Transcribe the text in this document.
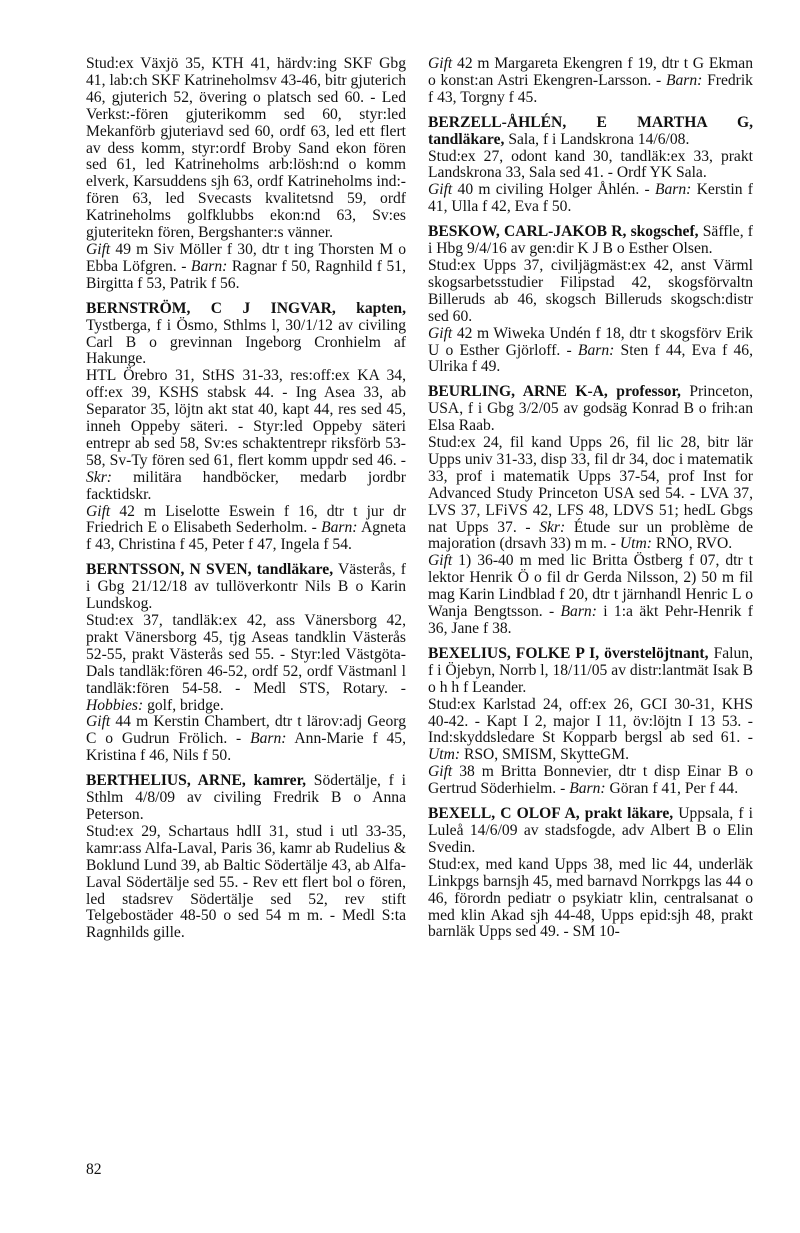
Stud:ex Växjö 35, KTH 41, härdv:ing SKF Gbg 41, lab:ch SKF Katrineholmsv 43-46, bitr gjuterich 46, gjuterich 52, övering o platsch sed 60. - Led Verkst:-fören gjuterikomm sed 60, styr:led Mekanförb gjuteriavd sed 60, ordf 63, led ett flert av dess komm, styr:ordf Broby Sand ekon fören sed 61, led Katrineholms arb:lösh:nd o komm elverk, Karsuddens sjh 63, ordf Katrineholms ind:-fören 63, led Svecasts kvalitetsnd 59, ordf Katrineholms golfklubbs ekon:nd 63, Sv:es gjuteritekn fören, Bergshanter:s vänner.

Gift 49 m Siv Möller f 30, dtr t ing Thorsten M o Ebba Löfgren. - Barn: Ragnar f 50, Ragnhild f 51, Birgitta f 53, Patrik f 56.

BERNSTRÖM, C J INGVAR, kapten, Tystberga, f i Ösmo, Sthlms l, 30/1/12 av civiling Carl B o grevinnan Ingeborg Cronhielm af Hakunge.

HTL Örebro 31, StHS 31-33, res:off:ex KA 34, off:ex 39, KSHS stabsk 44. - Ing Asea 33, ab Separator 35, löjtn akt stat 40, kapt 44, res sed 45, inneh Oppeby säteri. - Styr:led Oppeby säteri entrepr ab sed 58, Sv:es schaktentrepr riksförb 53-58, Sv-Ty fören sed 61, flert komm uppdr sed 46. - Skr: militära handböcker, medarb jordbr facktidskr.

Gift 42 m Liselotte Eswein f 16, dtr t jur dr Friedrich E o Elisabeth Sederholm. - Barn: Agneta f 43, Christina f 45, Peter f 47, Ingela f 54.

BERNTSSON, N SVEN, tandläkare, Västerås, f i Gbg 21/12/18 av tullöverkontr Nils B o Karin Lundskog.

Stud:ex 37, tandläk:ex 42, ass Vänersborg 42, prakt Vänersborg 45, tjg Aseas tandklin Västerås 52-55, prakt Västerås sed 55. - Styr:led Västgöta-Dals tandläk:fören 46-52, ordf 52, ordf Västmanl l tandläk:fören 54-58. - Medl STS, Rotary. - Hobbies: golf, bridge.

Gift 44 m Kerstin Chambert, dtr t lärov:adj Georg C o Gudrun Frölich. - Barn: Ann-Marie f 45, Kristina f 46, Nils f 50.

BERTHELIUS, ARNE, kamrer, Södertälje, f i Sthlm 4/8/09 av civiling Fredrik B o Anna Peterson.

Stud:ex 29, Schartaus hdlI 31, stud i utl 33-35, kamr:ass Alfa-Laval, Paris 36, kamr ab Rudelius & Boklund Lund 39, ab Baltic Södertälje 43, ab Alfa-Laval Södertälje sed 55. - Rev ett flert bol o fören, led stadsrev Södertälje sed 52, rev stift Telgebostäder 48-50 o sed 54 m m. - Medl S:ta Ragnhilds gille.

Gift 42 m Margareta Ekengren f 19, dtr t G Ekman o konst:an Astri Ekengren-Larsson. - Barn: Fredrik f 43, Torgny f 45.

BERZELL-ÅHLÉN, E MARTHA G, tandläkare, Sala, f i Landskrona 14/6/08.

Stud:ex 27, odont kand 30, tandläk:ex 33, prakt Landskrona 33, Sala sed 41. - Ordf YK Sala.

Gift 40 m civiling Holger Åhlén. - Barn: Kerstin f 41, Ulla f 42, Eva f 50.

BESKOW, CARL-JAKOB R, skogschef, Säffle, f i Hbg 9/4/16 av gen:dir K J B o Esther Olsen.

Stud:ex Upps 37, civiljägmäst:ex 42, anst Värml skogsarbetsstudier Filipstad 42, skogsförvaltn Billeruds ab 46, skogsch Billeruds skogsch:distr sed 60.

Gift 42 m Wiweka Undén f 18, dtr t skogsförv Erik U o Esther Gjörloff. - Barn: Sten f 44, Eva f 46, Ulrika f 49.

BEURLING, ARNE K-A, professor, Princeton, USA, f i Gbg 3/2/05 av godsäg Konrad B o frih:an Elsa Raab.

Stud:ex 24, fil kand Upps 26, fil lic 28, bitr lär Upps univ 31-33, disp 33, fil dr 34, doc i matematik 33, prof i matematik Upps 37-54, prof Inst for Advanced Study Princeton USA sed 54. - LVA 37, LVS 37, LFiVS 42, LFS 48, LDVS 51; hedL Gbgs nat Upps 37. - Skr: Étude sur un problème de majoration (drsavh 33) m m. - Utm: RNO, RVO.

Gift 1) 36-40 m med lic Britta Östberg f 07, dtr t lektor Henrik Ö o fil dr Gerda Nilsson, 2) 50 m fil mag Karin Lindblad f 20, dtr t järnhandl Henric L o Wanja Bengtsson. - Barn: i 1:a äkt Pehr-Henrik f 36, Jane f 38.

BEXELIUS, FOLKE P I, överstelöjtnant, Falun, f i Öjebyn, Norrb l, 18/11/05 av distr:lantmät Isak B o h h f Leander.

Stud:ex Karlstad 24, off:ex 26, GCI 30-31, KHS 40-42. - Kapt I 2, major I 11, öv:löjtn I 13 53. - Ind:skyddsledare St Kopparb bergsl ab sed 61. - Utm: RSO, SMISM, SkytteGM.

Gift 38 m Britta Bonnevier, dtr t disp Einar B o Gertrud Söderhielm. - Barn: Göran f 41, Per f 44.

BEXELL, C OLOF A, prakt läkare, Uppsala, f i Luleå 14/6/09 av stadsfogde, adv Albert B o Elin Svedin.

Stud:ex, med kand Upps 38, med lic 44, underläk Linkpgs barnsjh 45, med barnavd Norrkpgs las 44 o 46, förordn pediatr o psykiatr klin, centralsanat o med klin Akad sjh 44-48, Upps epid:sjh 48, prakt barnläk Upps sed 49. - SM 10-

82
